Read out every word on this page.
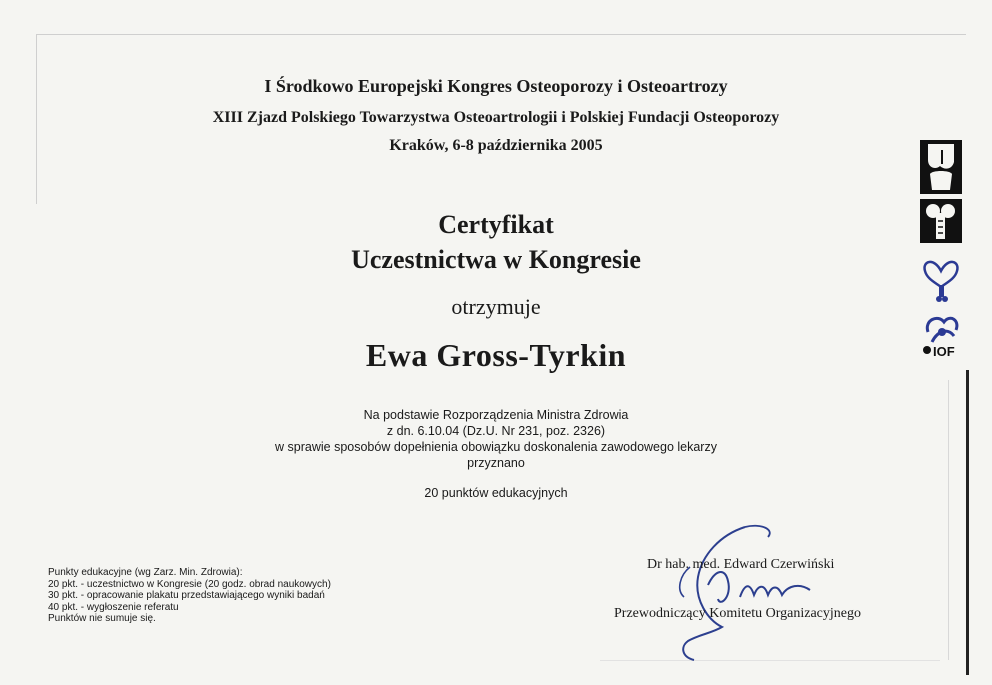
I Środkowo Europejski Kongres Osteoporozy i Osteoartrozy
XIII Zjazd Polskiego Towarzystwa Osteoartrologii i Polskiej Fundacji Osteoporozy
Kraków, 6-8 października 2005
Certyfikat
Uczestnictwa w Kongresie
otrzymuje
Ewa Gross-Tyrkin
Na podstawie Rozporządzenia Ministra Zdrowia
z dn. 6.10.04 (Dz.U. Nr 231, poz. 2326)
w sprawie sposobów dopełnienia obowiązku doskonalenia zawodowego lekarzy
przyznano
20 punktów edukacyjnych
Punkty edukacyjne (wg Zarz. Min. Zdrowia):
20 pkt. - uczestnictwo w Kongresie (20 godz. obrad naukowych)
30 pkt. - opracowanie plakatu przedstawiającego wyniki badań
40 pkt. - wygłoszenie referatu
Punktów nie sumuje się.
Dr hab. med. Edward Czerwiński
Przewodniczący Komitetu Organizacyjnego
IOF
